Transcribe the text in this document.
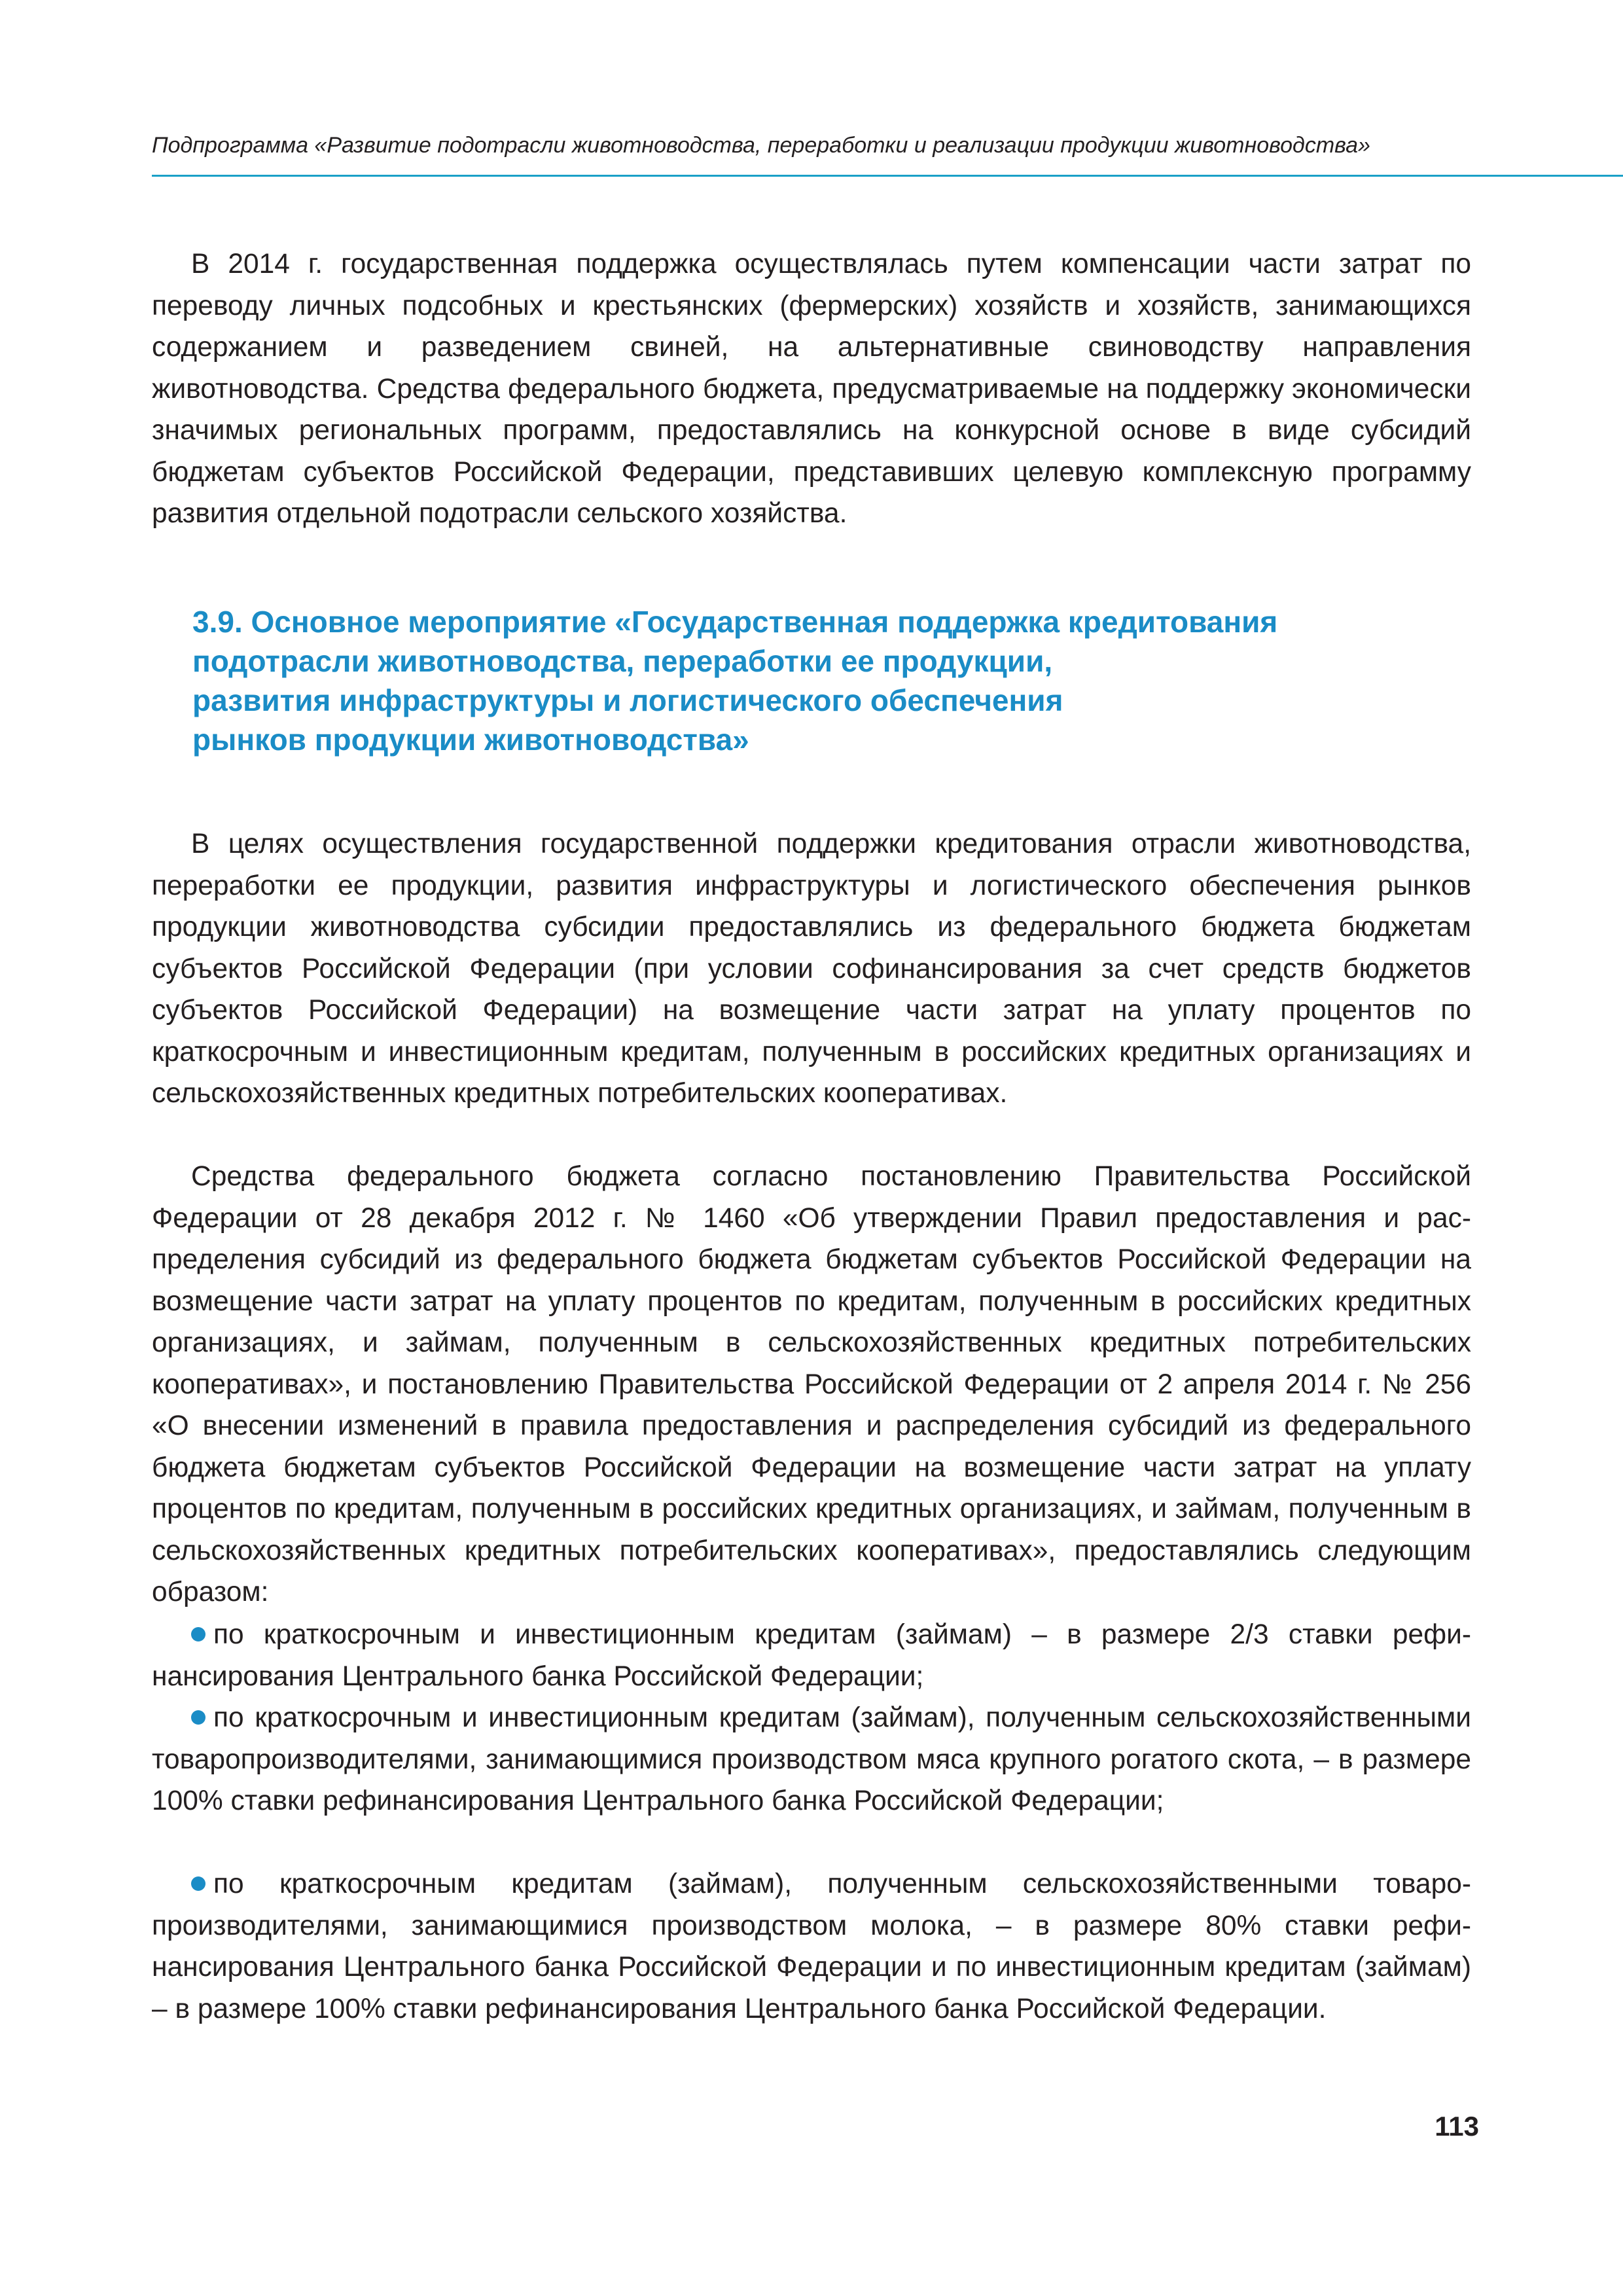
Подпрограмма «Развитие подотрасли животноводства, переработки и реализации продукции животноводства»

В 2014 г. государственная поддержка осуществлялась путем компенсации части затрат по переводу личных подсобных и крестьянских (фермерских) хозяйств и хозяйств, занимающихся содержанием и разведением свиней, на альтернативные свиноводству направления животноводства. Средства федерального бюджета, предусматриваемые на поддержку экономически значимых региональных программ, предоставлялись на конкурсной основе в виде субсидий бюджетам субъектов Российской Федерации, представивших целевую комплексную программу развития отдельной подотрасли сельского хозяйства.

3.9. Основное мероприятие «Государственная поддержка кредитования
подотрасли животноводства, переработки ее продукции,
развития инфраструктуры и логистического обеспечения
рынков продукции животноводства»

В целях осуществления государственной поддержки кредитования отрасли животноводства, переработки ее продукции, развития инфраструктуры и логистического обеспечения рынков продукции животноводства субсидии предоставлялись из федерального бюджета бюджетам субъектов Российской Федерации (при условии софинансирования за счет средств бюджетов субъектов Российской Федерации) на возмещение части затрат на уплату процентов по краткосрочным и инвестиционным кредитам, полученным в российских кредитных организациях и сельскохозяйственных кредитных потребительских кооперативах.

Средства федерального бюджета согласно постановлению Правительства Российской Федерации от 28 декабря 2012 г. № 1460 «Об утверждении Правил предоставления и распределения субсидий из федерального бюджета бюджетам субъектов Российской Федерации на возмещение части затрат на уплату процентов по кредитам, полученным в российских кредитных организациях, и займам, полученным в сельскохозяйственных кредитных потребительских кооперативах», и постановлению Правительства Российской Федерации от 2 апреля 2014 г. № 256 «О внесении изменений в правила предоставления и распределения субсидий из федерального бюджета бюджетам субъектов Российской Федерации на возмещение части затрат на уплату процентов по кредитам, полученным в российских кредитных организациях, и займам, полученным в сельскохозяйственных кредитных потребительских кооперативах», предоставлялись следующим образом:

по краткосрочным и инвестиционным кредитам (займам) – в размере 2/3 ставки рефинансирования Центрального банка Российской Федерации;
по краткосрочным и инвестиционным кредитам (займам), полученным сельскохозяйственными товаропроизводителями, занимающимися производством мяса крупного рогатого скота, – в размере 100% ставки рефинансирования Центрального банка Российской Федерации;
по краткосрочным кредитам (займам), полученным сельскохозяйственными товаропроизводителями, занимающимися производством молока, – в размере 80% ставки рефинансирования Центрального банка Российской Федерации и по инвестиционным кредитам (займам) – в размере 100% ставки рефинансирования Центрального банка Российской Федерации.
113
